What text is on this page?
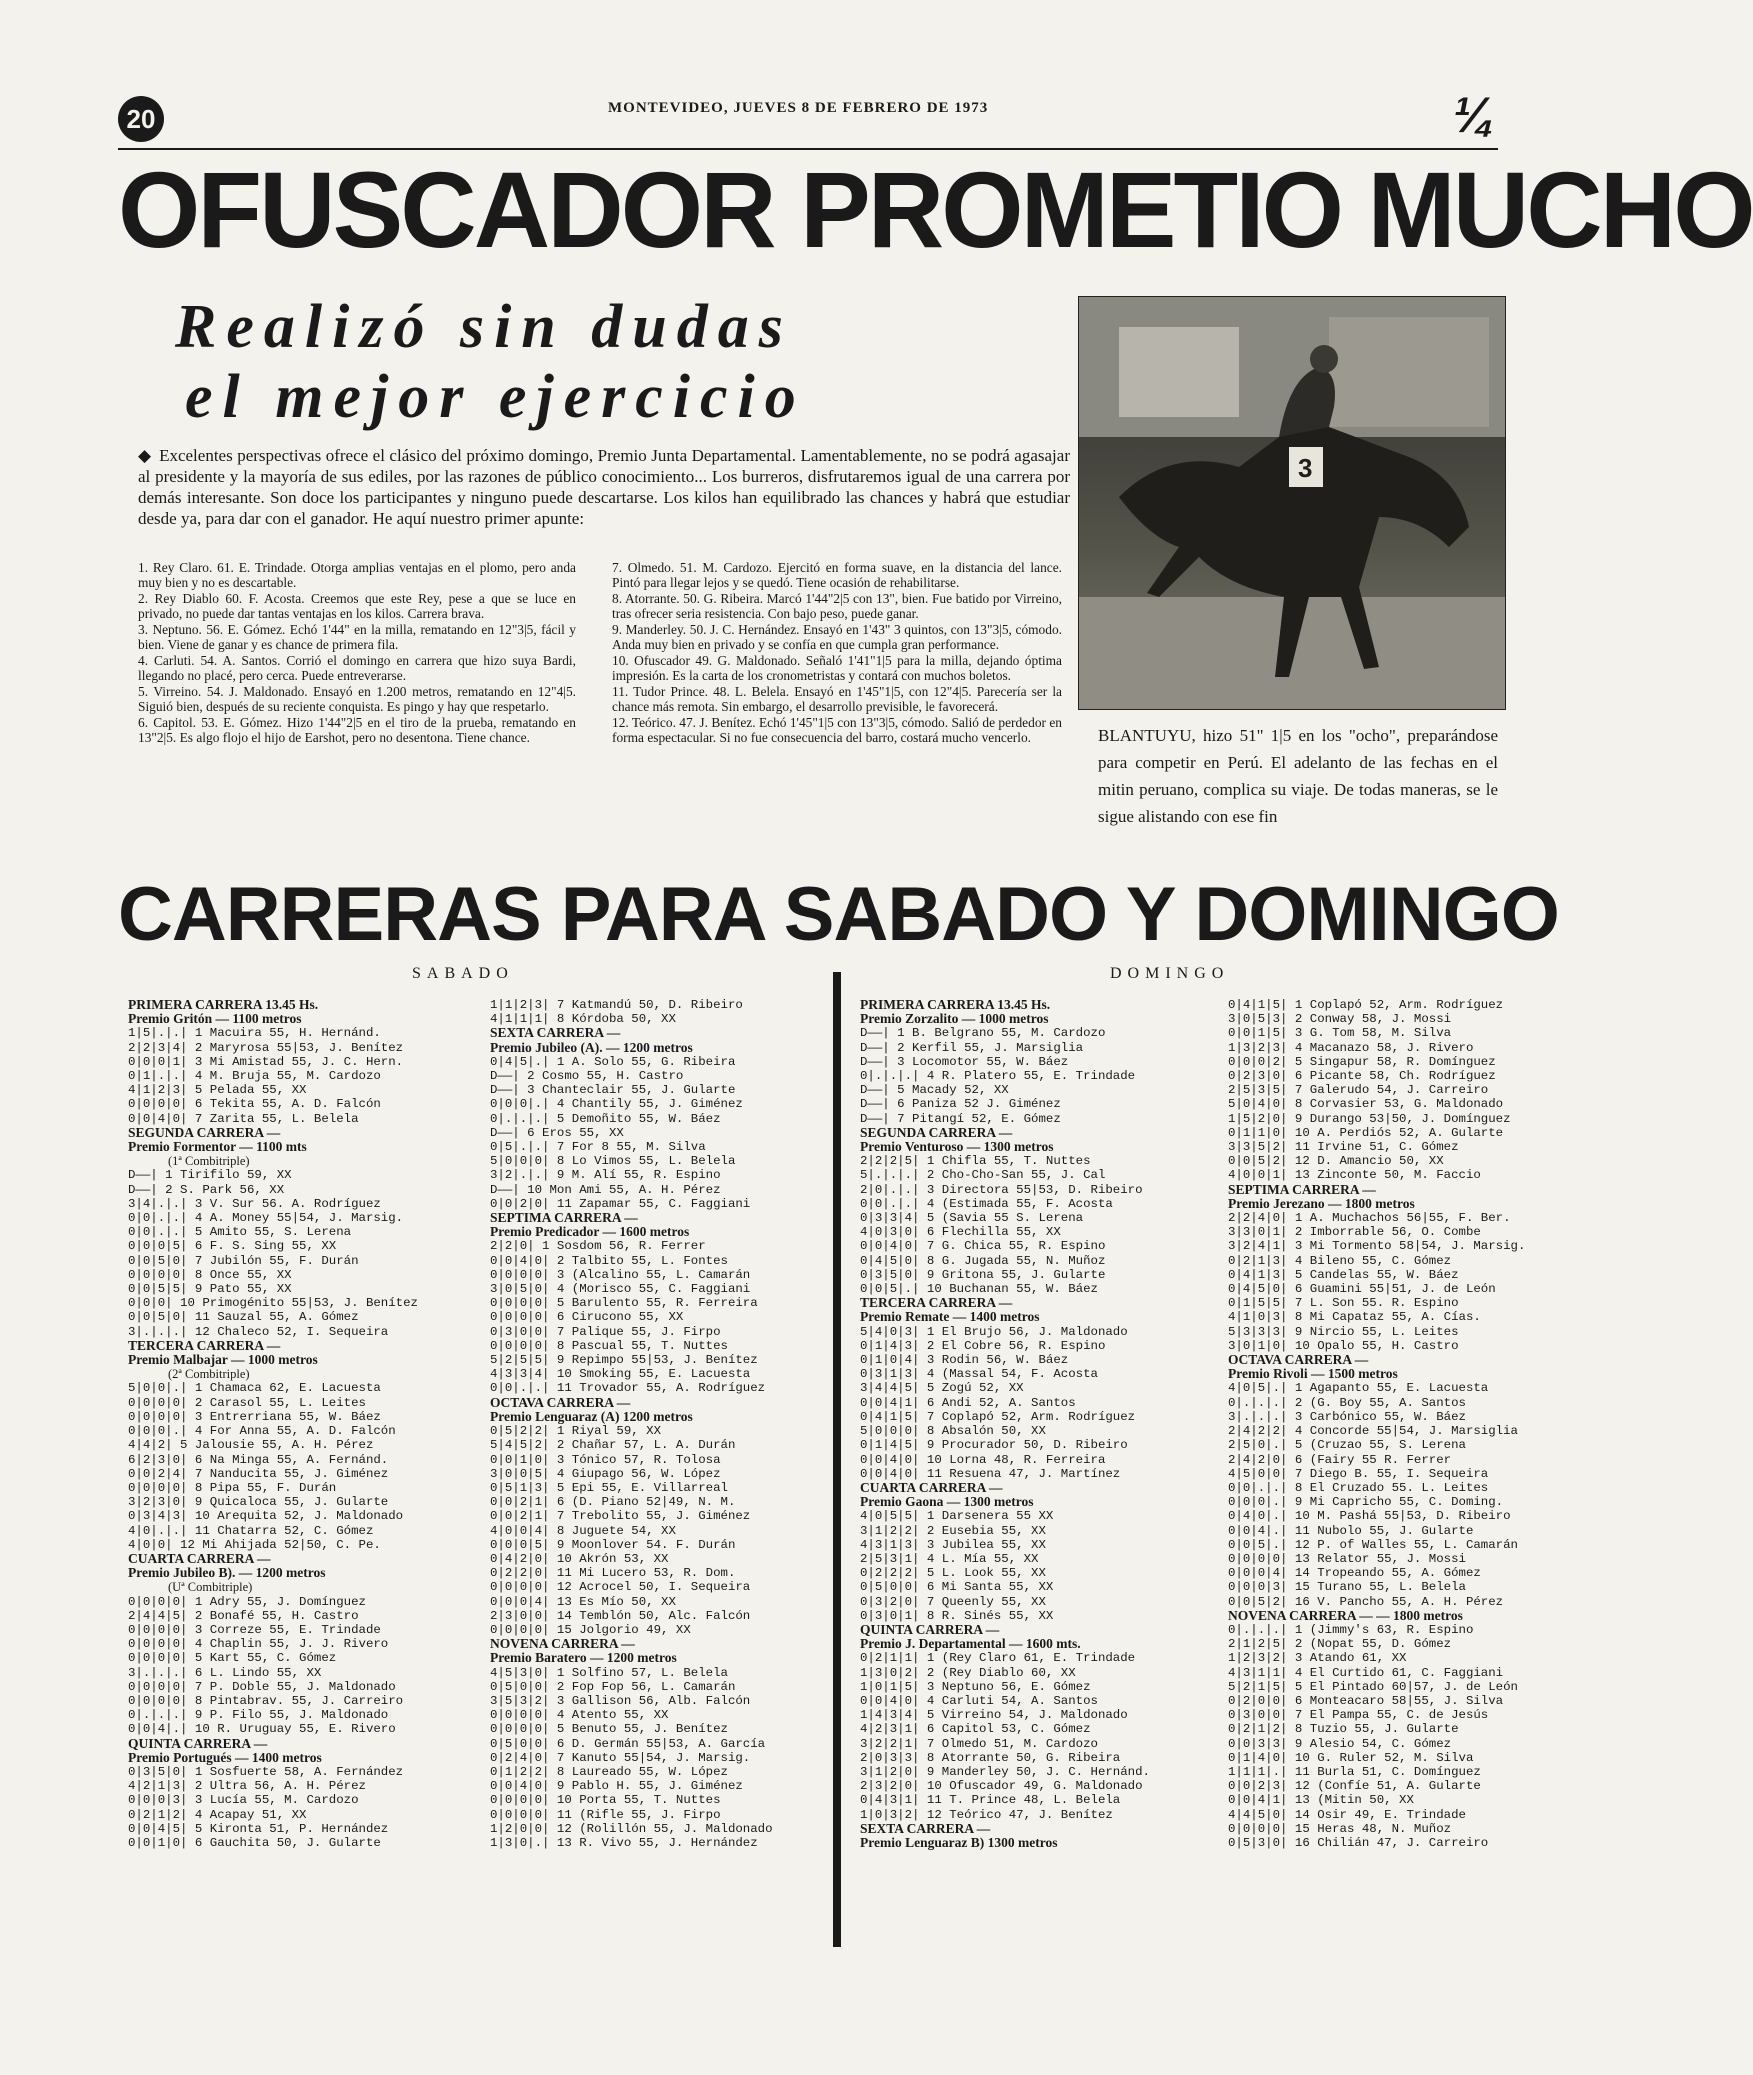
20	MONTEVIDEO, JUEVES 8 DE FEBRERO DE 1973	¼
OFUSCADOR PROMETIO MUCHO
Realizó sin dudas
el mejor ejercicio
◆ Excelentes perspectivas ofrece el clásico del próximo domingo, Premio Junta Departamental. Lamentablemente, no se podrá agasajar al presidente y la mayoría de sus ediles, por las razones de público conocimiento... Los burreros, disfrutaremos igual de una carrera por demás interesante. Son doce los participantes y ninguno puede descartarse. Los kilos han equilibrado las chances y habrá que estudiar desde ya, para dar con el ganador. He aquí nuestro primer apunte:

1. Rey Claro. 61. E. Trindade. Otorga amplias ventajas en el plomo, pero anda muy bien y no es descartable.

2. Rey Diablo 60. F. Acosta. Creemos que este Rey, pese a que se luce en privado, no puede dar tantas ventajas en los kilos. Carrera brava.

3. Neptuno. 56. E. Gómez. Echó 1'44" en la milla, rematando en 12"3|5, fácil y bien. Viene de ganar y es chance de primera fila.

4. Carluti. 54. A. Santos. Corrió el domingo en carrera que hizo suya Bardi, llegando no placé, pero cerca. Puede entreverarse.

5. Virreino. 54. J. Maldonado. Ensayó en 1.200 metros, rematando en 12"4|5. Siguió bien, después de su reciente conquista. Es pingo y hay que respetarlo.

6. Capitol. 53. E. Gómez. Hizo 1'44"2|5 en el tiro de la prueba, rematando en 13"2|5. Es algo flojo el hijo de Earshot, pero no desentona. Tiene chance.

7. Olmedo. 51. M. Cardozo. Ejercitó en forma suave, en la distancia del lance. Pintó para llegar lejos y se quedó. Tiene ocasión de rehabilitarse.

8. Atorrante. 50. G. Ribeira. Marcó 1'44"2|5 con 13", bien. Fue batido por Virreino, tras ofrecer seria resistencia. Con bajo peso, puede ganar.

9. Manderley. 50. J. C. Hernández. Ensayó en 1'43" 3 quintos, con 13"3|5, cómodo. Anda muy bien en privado y se confía en que cumpla gran performance.

10. Ofuscador 49. G. Maldonado. Señaló 1'41"1|5 para la milla, dejando óptima impresión. Es la carta de los cronometristas y contará con muchos boletos.

11. Tudor Prince. 48. L. Belela. Ensayó en 1'45"1|5, con 12"4|5. Parecería ser la chance más remota. Sin embargo, el desarrollo previsible, le favorecerá.

12. Teórico. 47. J. Benítez. Echó 1'45"1|5 con 13"3|5, cómodo. Salió de perdedor en forma espectacular. Si no fue consecuencia del barro, costará mucho vencerlo.

3
BLANTUYU, hizo 51" 1|5 en los "ocho", preparándose para competir en Perú. El adelanto de las fechas en el mitin peruano, complica su viaje. De todas maneras, se le sigue alistando con ese fin
CARRERAS PARA SABADO Y DOMINGO
SABADO	DOMINGO
PRIMERA CARRERA 13.45 Hs.
Premio Gritón — 1100 metros
1|5|.|.| 1 Macuira 55, H. Hernánd.
2|2|3|4| 2 Maryrosa 55|53, J. Benítez
0|0|0|1| 3 Mi Amistad 55, J. C. Hern.
0|1|.|.| 4 M. Bruja 55, M. Cardozo
4|1|2|3| 5 Pelada 55, XX
0|0|0|0| 6 Tekita 55, A. D. Falcón
0|0|4|0| 7 Zarita 55, L. Belela
SEGUNDA CARRERA —
Premio Formentor — 1100 mts
(1ª Combitriple)
D——| 1 Tirifilo 59, XX
D——| 2 S. Park 56, XX
3|4|.|.| 3 V. Sur 56. A. Rodríguez
0|0|.|.| 4 A. Money 55|54, J. Marsig.
0|0|.|.| 5 Amito 55, S. Lerena
0|0|0|5| 6 F. S. Sing 55, XX
0|0|5|0| 7 Jubilón 55, F. Durán
0|0|0|0| 8 Once 55, XX
0|0|5|5| 9 Pato 55, XX
0|0|0| 10 Primogénito 55|53, J. Benítez
0|0|5|0| 11 Sauzal 55, A. Gómez
3|.|.|.| 12 Chaleco 52, I. Sequeira
TERCERA CARRERA —
Premio Malbajar — 1000 metros
(2ª Combitriple)
5|0|0|.| 1 Chamaca 62, E. Lacuesta
0|0|0|0| 2 Carasol 55, L. Leites
0|0|0|0| 3 Entrerriana 55, W. Báez
0|0|0|.| 4 For Anna 55, A. D. Falcón
4|4|2| 5 Jalousie 55, A. H. Pérez
6|2|3|0| 6 Na Minga 55, A. Fernánd.
0|0|2|4| 7 Nanducita 55, J. Giménez
0|0|0|0| 8 Pipa 55, F. Durán
3|2|3|0| 9 Quicaloca 55, J. Gularte
0|3|4|3| 10 Arequita 52, J. Maldonado
4|0|.|.| 11 Chatarra 52, C. Gómez
4|0|0| 12 Mi Ahijada 52|50, C. Pe.
CUARTA CARRERA —
Premio Jubileo B). — 1200 metros
(Uª Combitriple)
0|0|0|0| 1 Adry 55, J. Domínguez
2|4|4|5| 2 Bonafé 55, H. Castro
0|0|0|0| 3 Correze 55, E. Trindade
0|0|0|0| 4 Chaplin 55, J. J. Rivero
0|0|0|0| 5 Kart 55, C. Gómez
3|.|.|.| 6 L. Lindo 55, XX
0|0|0|0| 7 P. Doble 55, J. Maldonado
0|0|0|0| 8 Pintabrav. 55, J. Carreiro
0|.|.|.| 9 P. Filo 55, J. Maldonado
0|0|4|.| 10 R. Uruguay 55, E. Rivero
QUINTA CARRERA —
Premio Portugués — 1400 metros
0|3|5|0| 1 Sosfuerte 58, A. Fernández
4|2|1|3| 2 Ultra 56, A. H. Pérez
0|0|0|3| 3 Lucía 55, M. Cardozo
0|2|1|2| 4 Acapay 51, XX
0|0|4|5| 5 Kironta 51, P. Hernández
0|0|1|0| 6 Gauchita 50, J. Gularte
1|1|2|3| 7 Katmandú 50, D. Ribeiro
4|1|1|1| 8 Kórdoba 50, XX
SEXTA CARRERA —
Premio Jubileo (A). — 1200 metros
0|4|5|.| 1 A. Solo 55, G. Ribeira
D——| 2 Cosmo 55, H. Castro
D——| 3 Chanteclair 55, J. Gularte
0|0|0|.| 4 Chantily 55, J. Giménez
0|.|.|.| 5 Demoñito 55, W. Báez
D——| 6 Eros 55, XX
0|5|.|.| 7 For 8 55, M. Silva
5|0|0|0| 8 Lo Vimos 55, L. Belela
3|2|.|.| 9 M. Alí 55, R. Espino
D——| 10 Mon Ami 55, A. H. Pérez
0|0|2|0| 11 Zapamar 55, C. Faggiani
SEPTIMA CARRERA —
Premio Predicador — 1600 metros
2|2|0| 1 Sosdom 56, R. Ferrer
0|0|4|0| 2 Talbito 55, L. Fontes
0|0|0|0| 3 (Alcalino 55, L. Camarán
3|0|5|0| 4 (Morisco 55, C. Faggiani
0|0|0|0| 5 Barulento 55, R. Ferreira
0|0|0|0| 6 Cirucono 55, XX
0|3|0|0| 7 Palique 55, J. Firpo
0|0|0|0| 8 Pascual 55, T. Nuttes
5|2|5|5| 9 Repimpo 55|53, J. Benítez
4|3|3|4| 10 Smoking 55, E. Lacuesta
0|0|.|.| 11 Trovador 55, A. Rodríguez
OCTAVA CARRERA —
Premio Lenguaraz (A) 1200 metros
0|5|2|2| 1 Riyal 59, XX
5|4|5|2| 2 Chañar 57, L. A. Durán
0|0|1|0| 3 Tónico 57, R. Tolosa
3|0|0|5| 4 Giupago 56, W. López
0|5|1|3| 5 Epi 55, E. Villarreal
0|0|2|1| 6 (D. Piano 52|49, N. M.
0|0|2|1| 7 Trebolito 55, J. Giménez
4|0|0|4| 8 Juguete 54, XX
0|0|0|5| 9 Moonlover 54. F. Durán
0|4|2|0| 10 Akrón 53, XX
0|2|2|0| 11 Mi Lucero 53, R. Dom.
0|0|0|0| 12 Acrocel 50, I. Sequeira
0|0|0|4| 13 Es Mío 50, XX
2|3|0|0| 14 Temblón 50, Alc. Falcón
0|0|0|0| 15 Jolgorio 49, XX
NOVENA CARRERA —
Premio Baratero — 1200 metros
4|5|3|0| 1 Solfino 57, L. Belela
0|5|0|0| 2 Fop Fop 56, L. Camarán
3|5|3|2| 3 Gallison 56, Alb. Falcón
0|0|0|0| 4 Atento 55, XX
0|0|0|0| 5 Benuto 55, J. Benítez
0|5|0|0| 6 D. Germán 55|53, A. García
0|2|4|0| 7 Kanuto 55|54, J. Marsig.
0|1|2|2| 8 Laureado 55, W. López
0|0|4|0| 9 Pablo H. 55, J. Giménez
0|0|0|0| 10 Porta 55, T. Nuttes
0|0|0|0| 11 (Rifle 55, J. Firpo
1|2|0|0| 12 (Rolillón 55, J. Maldonado
1|3|0|.| 13 R. Vivo 55, J. Hernández
PRIMERA CARRERA 13.45 Hs.
Premio Zorzalito — 1000 metros
D——| 1 B. Belgrano 55, M. Cardozo
D——| 2 Kerfil 55, J. Marsiglia
D——| 3 Locomotor 55, W. Báez
0|.|.|.| 4 R. Platero 55, E. Trindade
D——| 5 Macady 52, XX
D——| 6 Paniza 52 J. Giménez
D——| 7 Pitangí 52, E. Gómez
SEGUNDA CARRERA —
Premio Venturoso — 1300 metros
2|2|2|5| 1 Chifla 55, T. Nuttes
5|.|.|.| 2 Cho-Cho-San 55, J. Cal
2|0|.|.| 3 Directora 55|53, D. Ribeiro
0|0|.|.| 4 (Estimada 55, F. Acosta
0|3|3|4| 5 (Savia 55 S. Lerena
4|0|3|0| 6 Flechilla 55, XX
0|0|4|0| 7 G. Chica 55, R. Espino
0|4|5|0| 8 G. Jugada 55, N. Muñoz
0|3|5|0| 9 Gritona 55, J. Gularte
0|0|5|.| 10 Buchanan 55, W. Báez
TERCERA CARRERA —
Premio Remate — 1400 metros
5|4|0|3| 1 El Brujo 56, J. Maldonado
0|1|4|3| 2 El Cobre 56, R. Espino
0|1|0|4| 3 Rodin 56, W. Báez
0|3|1|3| 4 (Massal 54, F. Acosta
3|4|4|5| 5 Zogú 52, XX
0|0|4|1| 6 Andi 52, A. Santos
0|4|1|5| 7 Coplapó 52, Arm. Rodríguez
5|0|0|0| 8 Absalón 50, XX
0|1|4|5| 9 Procurador 50, D. Ribeiro
0|0|4|0| 10 Lorna 48, R. Ferreira
0|0|4|0| 11 Resuena 47, J. Martínez
CUARTA CARRERA —
Premio Gaona — 1300 metros
4|0|5|5| 1 Darsenera 55 XX
3|1|2|2| 2 Eusebia 55, XX
4|3|1|3| 3 Jubilea 55, XX
2|5|3|1| 4 L. Mía 55, XX
0|2|2|2| 5 L. Look 55, XX
0|5|0|0| 6 Mi Santa 55, XX
0|3|2|0| 7 Queenly 55, XX
0|3|0|1| 8 R. Sinés 55, XX
QUINTA CARRERA —
Premio J. Departamental — 1600 mts.
0|2|1|1| 1 (Rey Claro 61, E. Trindade
1|3|0|2| 2 (Rey Diablo 60, XX
1|0|1|5| 3 Neptuno 56, E. Gómez
0|0|4|0| 4 Carluti 54, A. Santos
1|4|3|4| 5 Virreino 54, J. Maldonado
4|2|3|1| 6 Capitol 53, C. Gómez
3|2|2|1| 7 Olmedo 51, M. Cardozo
2|0|3|3| 8 Atorrante 50, G. Ribeira
3|1|2|0| 9 Manderley 50, J. C. Hernánd.
2|3|2|0| 10 Ofuscador 49, G. Maldonado
0|4|3|1| 11 T. Prince 48, L. Belela
1|0|3|2| 12 Teórico 47, J. Benítez
SEXTA CARRERA —
Premio Lenguaraz B) 1300 metros
0|4|1|5| 1 Coplapó 52, Arm. Rodríguez
3|0|5|3| 2 Conway 58, J. Mossi
0|0|1|5| 3 G. Tom 58, M. Silva
1|3|2|3| 4 Macanazo 58, J. Rivero
0|0|0|2| 5 Singapur 58, R. Domínguez
0|2|3|0| 6 Picante 58, Ch. Rodríguez
2|5|3|5| 7 Galerudo 54, J. Carreiro
5|0|4|0| 8 Corvasier 53, G. Maldonado
1|5|2|0| 9 Durango 53|50, J. Domínguez
0|1|1|0| 10 A. Perdiós 52, A. Gularte
3|3|5|2| 11 Irvine 51, C. Gómez
0|0|5|2| 12 D. Amancio 50, XX
4|0|0|1| 13 Zinconte 50, M. Faccio
SEPTIMA CARRERA —
Premio Jerezano — 1800 metros
2|2|4|0| 1 A. Muchachos 56|55, F. Ber.
3|3|0|1| 2 Imborrable 56, O. Combe
3|2|4|1| 3 Mi Tormento 58|54, J. Marsig.
0|2|1|3| 4 Bileno 55, C. Gómez
0|4|1|3| 5 Candelas 55, W. Báez
0|4|5|0| 6 Guamini 55|51, J. de León
0|1|5|5| 7 L. Son 55. R. Espino
4|1|0|3| 8 Mi Capataz 55, A. Cías.
5|3|3|3| 9 Nircio 55, L. Leites
3|0|1|0| 10 Opalo 55, H. Castro
OCTAVA CARRERA —
Premio Rivoli — 1500 metros
4|0|5|.| 1 Agapanto 55, E. Lacuesta
0|.|.|.| 2 (G. Boy 55, A. Santos
3|.|.|.| 3 Carbónico 55, W. Báez
2|4|2|2| 4 Concorde 55|54, J. Marsiglia
2|5|0|.| 5 (Cruzao 55, S. Lerena
2|4|2|0| 6 (Fairy 55 R. Ferrer
4|5|0|0| 7 Diego B. 55, I. Sequeira
0|0|.|.| 8 El Cruzado 55. L. Leites
0|0|0|.| 9 Mi Capricho 55, C. Doming.
0|4|0|.| 10 M. Pashá 55|53, D. Ribeiro
0|0|4|.| 11 Nubolo 55, J. Gularte
0|0|5|.| 12 P. of Walles 55, L. Camarán
0|0|0|0| 13 Relator 55, J. Mossi
0|0|0|4| 14 Tropeando 55, A. Gómez
0|0|0|3| 15 Turano 55, L. Belela
0|0|5|2| 16 V. Pancho 55, A. H. Pérez
NOVENA CARRERA — — 1800 metros
0|.|.|.| 1 (Jimmy's 63, R. Espino
2|1|2|5| 2 (Nopat 55, D. Gómez
1|2|3|2| 3 Atando 61, XX
4|3|1|1| 4 El Curtido 61, C. Faggiani
5|2|1|5| 5 El Pintado 60|57, J. de León
0|2|0|0| 6 Monteacaro 58|55, J. Silva
0|3|0|0| 7 El Pampa 55, C. de Jesús
0|2|1|2| 8 Tuzio 55, J. Gularte
0|0|3|3| 9 Alesio 54, C. Gómez
0|1|4|0| 10 G. Ruler 52, M. Silva
1|1|1|.| 11 Burla 51, C. Domínguez
0|0|2|3| 12 (Confíe 51, A. Gularte
0|0|4|1| 13 (Mitin 50, XX
4|4|5|0| 14 Osir 49, E. Trindade
0|0|0|0| 15 Heras 48, N. Muñoz
0|5|3|0| 16 Chilián 47, J. Carreiro
